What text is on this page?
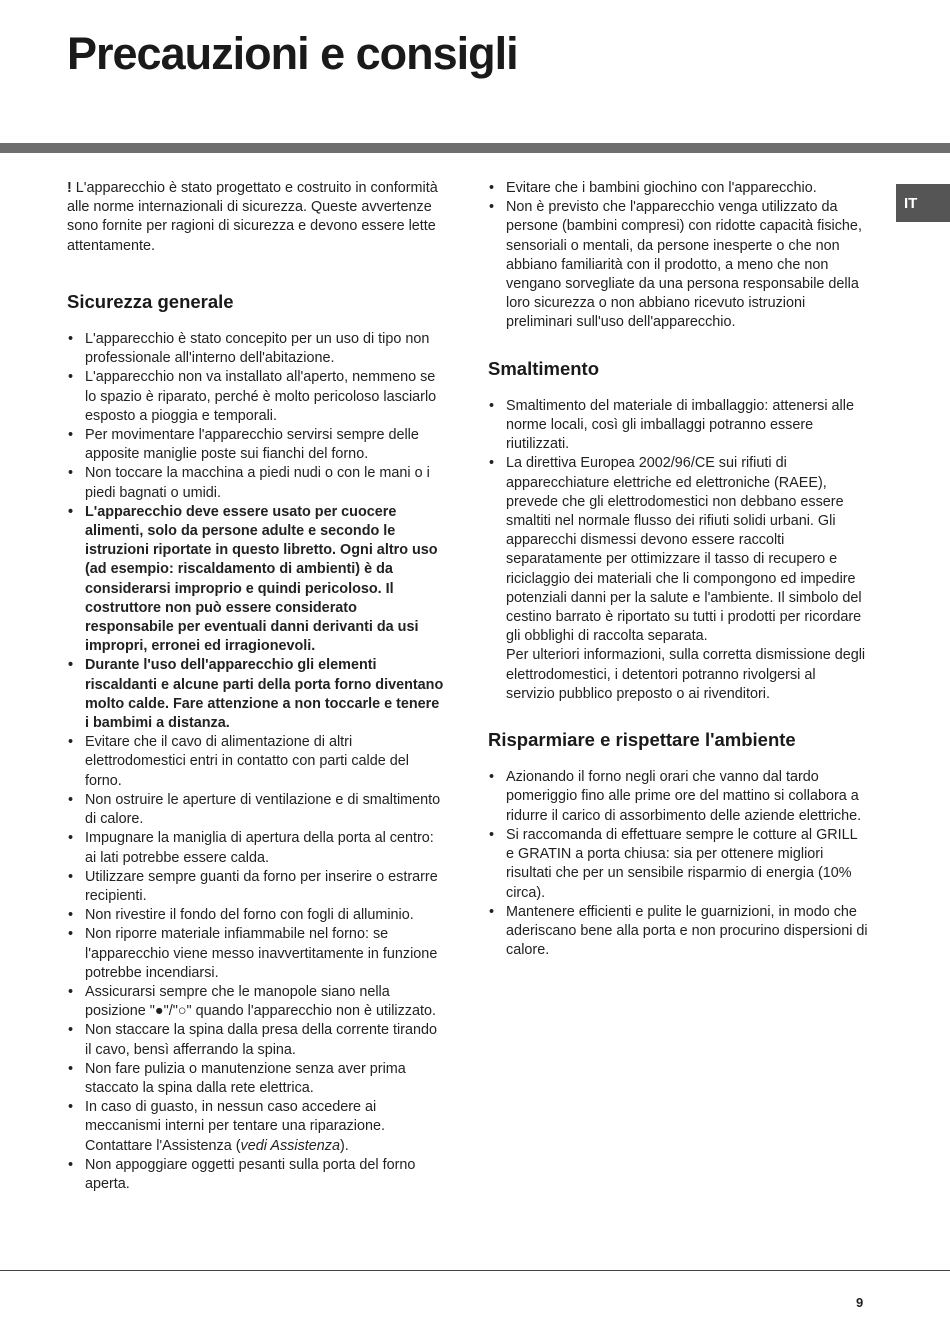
Precauzioni e consigli
IT

! L'apparecchio è stato progettato e costruito in conformità alle norme internazionali di sicurezza. Queste avvertenze sono fornite per ragioni di sicurezza e devono essere lette attentamente.

Sicurezza generale
• L'apparecchio è stato concepito per un uso di tipo non professionale all'interno dell'abitazione.
• L'apparecchio non va installato all'aperto, nemmeno se lo spazio è riparato, perché è molto pericoloso lasciarlo esposto a pioggia e temporali.
• Per movimentare l'apparecchio servirsi sempre delle apposite maniglie poste sui fianchi del forno.
• Non toccare la macchina a piedi nudi o con le mani o i piedi bagnati o umidi.
• L'apparecchio deve essere usato per cuocere alimenti, solo da persone adulte e secondo le istruzioni riportate in questo libretto. Ogni altro uso (ad esempio: riscaldamento di ambienti) è da considerarsi improprio e quindi pericoloso. Il costruttore non può essere considerato responsabile per eventuali danni derivanti da usi impropri, erronei ed irragionevoli.
• Durante l'uso dell'apparecchio gli elementi riscaldanti e alcune parti della porta forno diventano molto calde. Fare attenzione a non toccarle e tenere i bambimi a distanza.
• Evitare che il cavo di alimentazione di altri elettrodomestici entri in contatto con parti calde del forno.
• Non ostruire le aperture di ventilazione e di smaltimento di calore.
• Impugnare la maniglia di apertura della porta al centro: ai lati potrebbe essere calda.
• Utilizzare sempre guanti da forno per inserire o estrarre recipienti.
• Non rivestire il fondo del forno con fogli di alluminio.
• Non riporre materiale infiammabile nel forno: se l'apparecchio viene messo inavvertitamente in funzione potrebbe incendiarsi.
• Assicurarsi sempre che le manopole siano nella posizione "●"/"○" quando l'apparecchio non è utilizzato.
• Non staccare la spina dalla presa della corrente tirando il cavo, bensì afferrando la spina.
• Non fare pulizia o manutenzione senza aver prima staccato la spina dalla rete elettrica.
• In caso di guasto, in nessun caso accedere ai meccanismi interni per tentare una riparazione. Contattare l'Assistenza (vedi Assistenza).
• Non appoggiare oggetti pesanti sulla porta del forno aperta.
• Evitare che i bambini giochino con l'apparecchio.
• Non è previsto che l'apparecchio venga utilizzato da persone (bambini compresi) con ridotte capacità fisiche, sensoriali o mentali, da persone inesperte o che non abbiano familiarità con il prodotto, a meno che non vengano sorvegliate da una persona responsabile della loro sicurezza o non abbiano ricevuto istruzioni preliminari sull'uso dell'apparecchio.
Smaltimento
• Smaltimento del materiale di imballaggio: attenersi alle norme locali, così gli imballaggi potranno essere riutilizzati.
• La direttiva Europea 2002/96/CE sui rifiuti di apparecchiature elettriche ed elettroniche (RAEE), prevede che gli elettrodomestici non debbano essere smaltiti nel normale flusso dei rifiuti solidi urbani. Gli apparecchi dismessi devono essere raccolti separatamente per ottimizzare il tasso di recupero e riciclaggio dei materiali che li compongono ed impedire potenziali danni per la salute e l'ambiente. Il simbolo del cestino barrato è riportato su tutti i prodotti per ricordare gli obblighi di raccolta separata.
Per ulteriori informazioni, sulla corretta dismissione degli elettrodomestici, i detentori potranno rivolgersi al servizio pubblico preposto o ai rivenditori.
Risparmiare e rispettare l'ambiente
• Azionando il forno negli orari che vanno dal tardo pomeriggio fino alle prime ore del mattino si collabora a ridurre il carico di assorbimento delle aziende elettriche.
• Si raccomanda di effettuare sempre le cotture al GRILL e GRATIN a porta chiusa: sia per ottenere migliori risultati che per un sensibile risparmio di energia (10% circa).
• Mantenere efficienti e pulite le guarnizioni, in modo che aderiscano bene alla porta e non procurino dispersioni di calore.
9
